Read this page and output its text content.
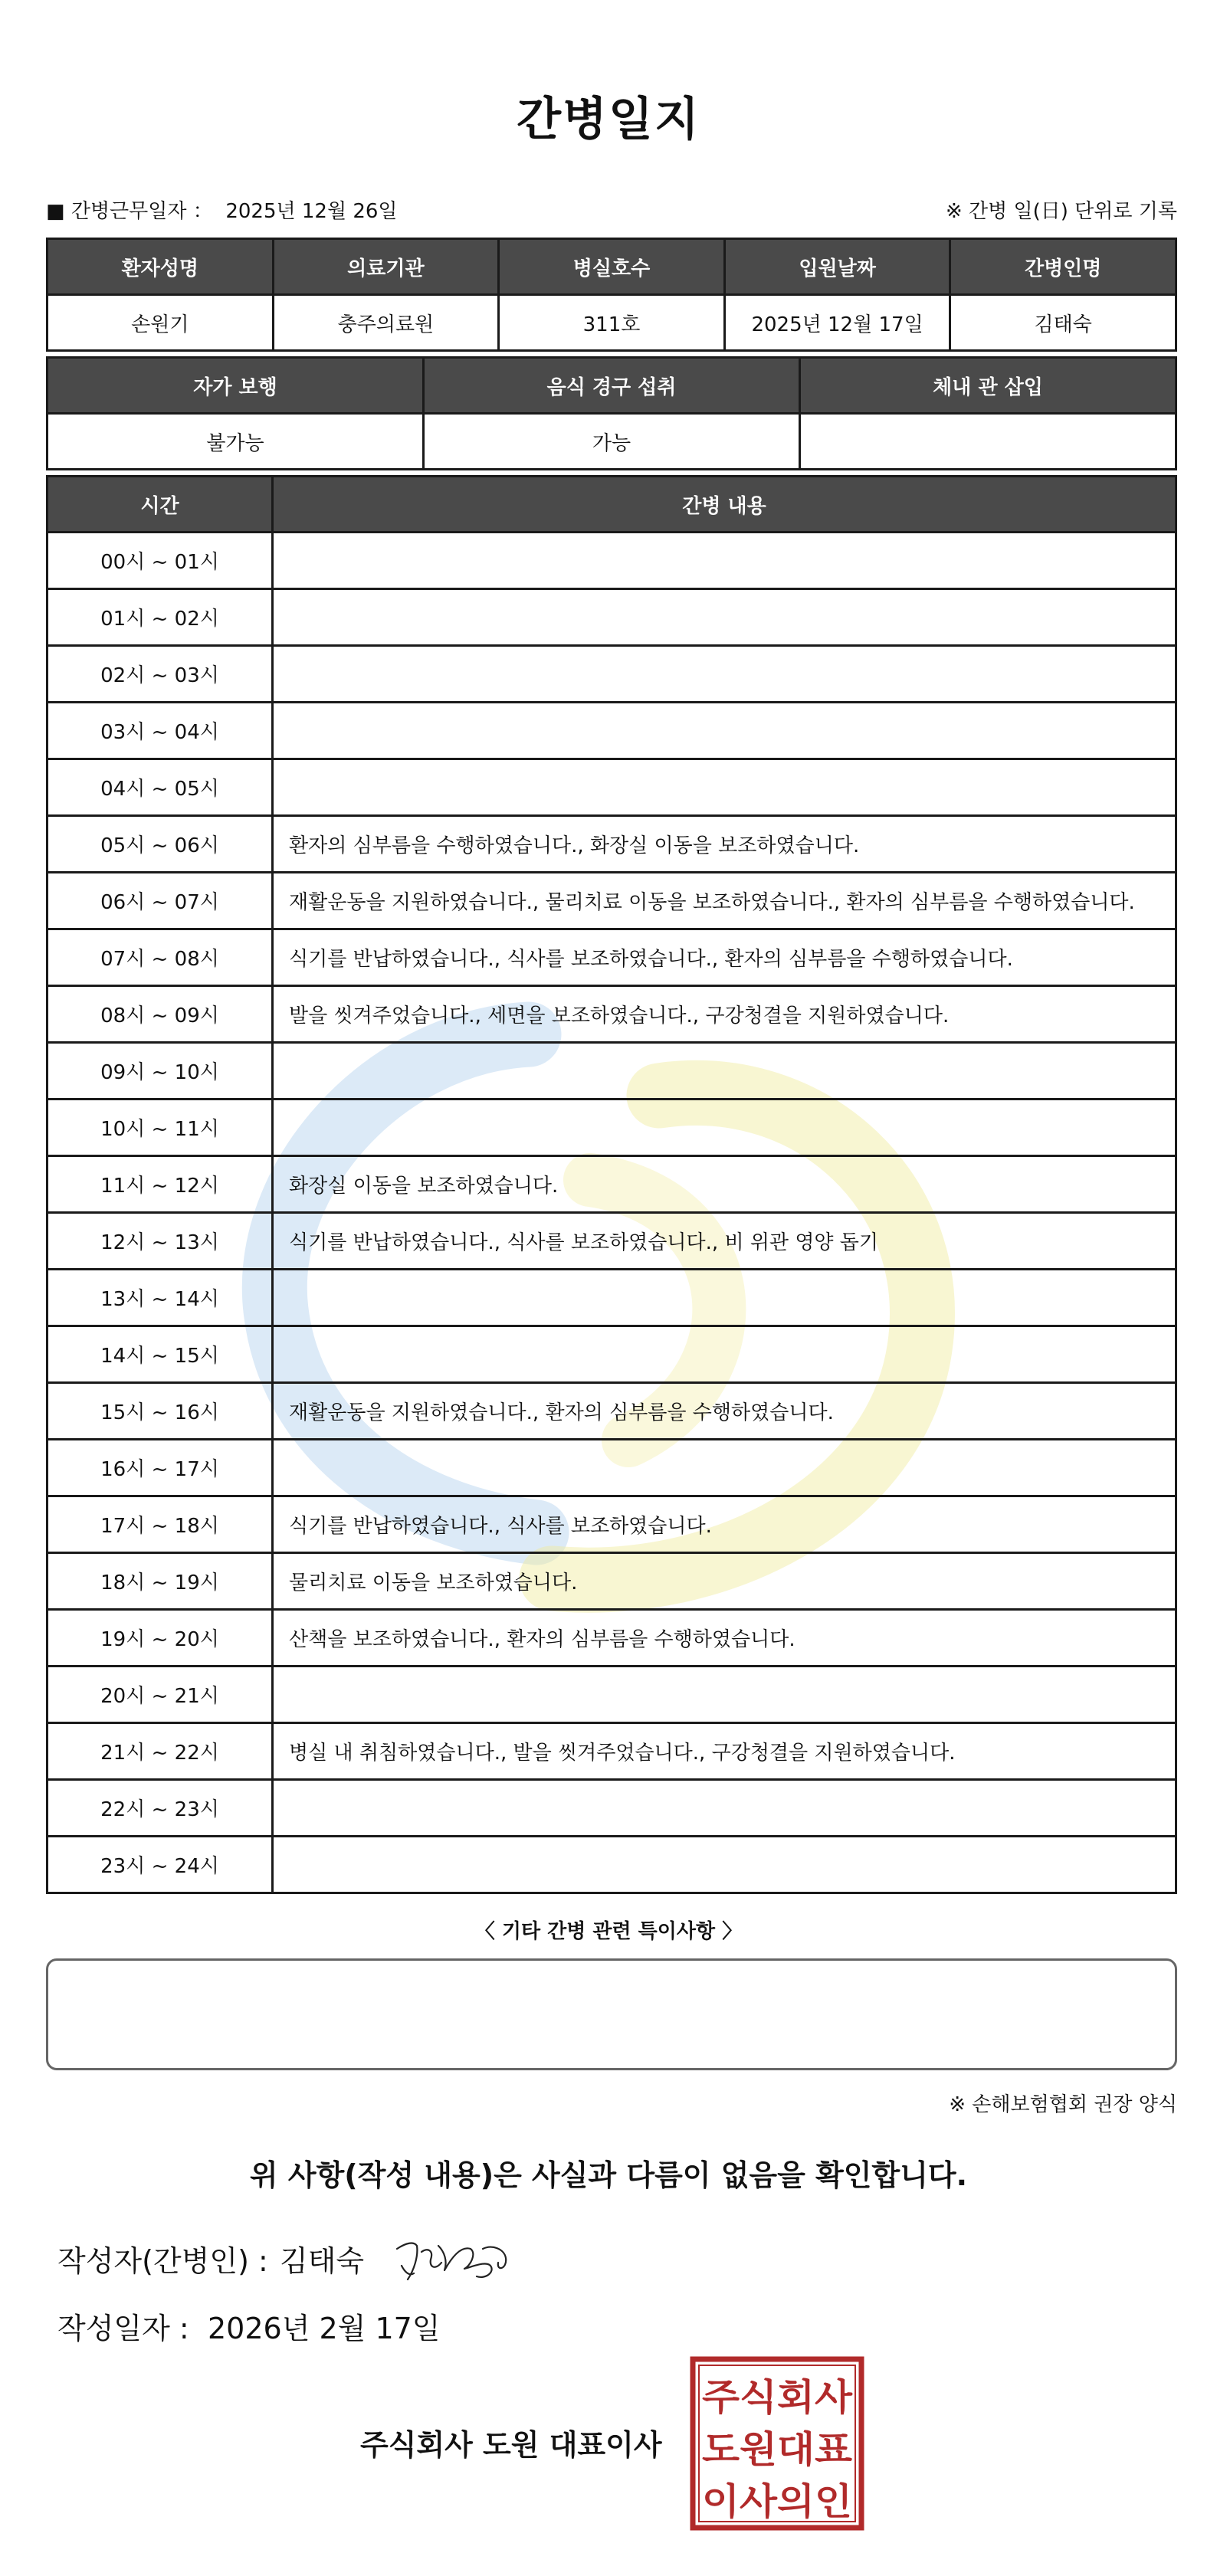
간병일지
■ 간병근무일자 ： 2025년 12월 26일	※ 간병 일(日) 단위로 기록
환자성명	의료기관	병실호수	입원날짜	간병인명
손원기	충주의료원	311호	2025년 12월 17일	김태숙
자가 보행	음식 경구 섭취	체내 관 삽입
불가능	가능	
시간	간병 내용
00시 ~ 01시	
01시 ~ 02시	
02시 ~ 03시	
03시 ~ 04시	
04시 ~ 05시	
05시 ~ 06시	환자의 심부름을 수행하였습니다., 화장실 이동을 보조하였습니다.
06시 ~ 07시	재활운동을 지원하였습니다., 물리치료 이동을 보조하였습니다., 환자의 심부름을 수행하였습니다.
07시 ~ 08시	식기를 반납하였습니다., 식사를 보조하였습니다., 환자의 심부름을 수행하였습니다.
08시 ~ 09시	발을 씻겨주었습니다., 세면을 보조하였습니다., 구강청결을 지원하였습니다.
09시 ~ 10시	
10시 ~ 11시	
11시 ~ 12시	화장실 이동을 보조하였습니다.
12시 ~ 13시	식기를 반납하였습니다., 식사를 보조하였습니다., 비 위관 영양 돕기
13시 ~ 14시	
14시 ~ 15시	
15시 ~ 16시	재활운동을 지원하였습니다., 환자의 심부름을 수행하였습니다.
16시 ~ 17시	
17시 ~ 18시	식기를 반납하였습니다., 식사를 보조하였습니다.
18시 ~ 19시	물리치료 이동을 보조하였습니다.
19시 ~ 20시	산책을 보조하였습니다., 환자의 심부름을 수행하였습니다.
20시 ~ 21시	
21시 ~ 22시	병실 내 취침하였습니다., 발을 씻겨주었습니다., 구강청결을 지원하였습니다.
22시 ~ 23시	
23시 ~ 24시	
〈 기타 간병 관련 특이사항 〉
※ 손해보험협회 권장 양식
위 사항(작성 내용)은 사실과 다름이 없음을 확인합니다.
작성자(간병인) : 김태숙
작성일자 : 2026년 2월 17일
주식회사 도원 대표이사
주식회사
도원대표
이사의인
